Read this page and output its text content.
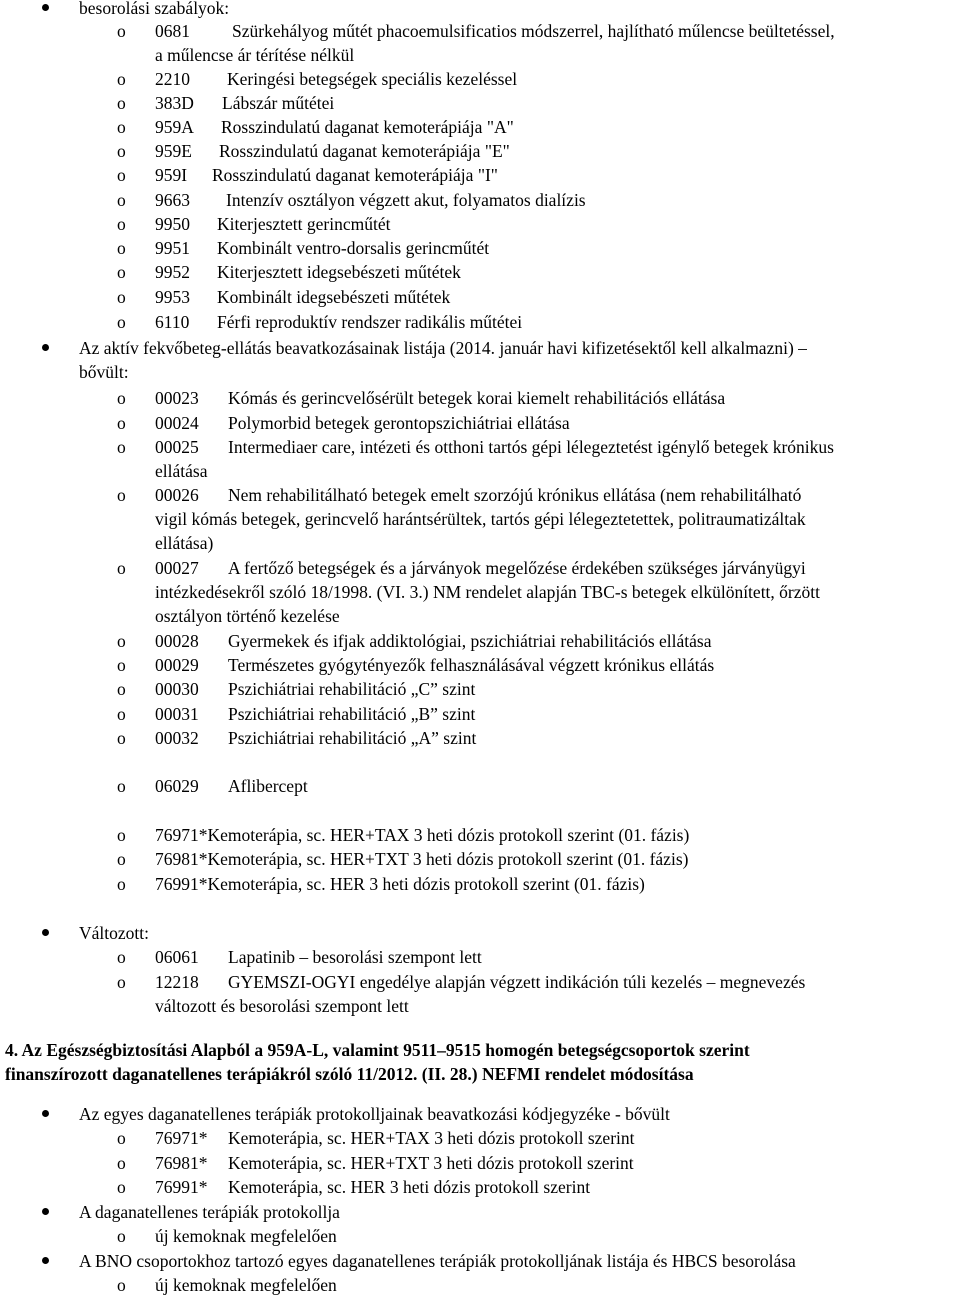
besorolási szabályok:
o 0681 Szürkehályog műtét phacoemulsificatios módszerrel, hajlítható műlencse beültetéssel,
a műlencse ár térítése nélkül
o 2210 Keringési betegségek speciális kezeléssel
o 383D Lábszár műtétei
o 959A Rosszindulatú daganat kemoterápiája "A"
o 959E Rosszindulatú daganat kemoterápiája "E"
o 959I Rosszindulatú daganat kemoterápiája "I"
o 9663 Intenzív osztályon végzett akut, folyamatos dialízis
o 9950 Kiterjesztett gerincműtét
o 9951 Kombinált ventro-dorsalis gerincműtét
o 9952 Kiterjesztett idegsebészeti műtétek
o 9953 Kombinált idegsebészeti műtétek
o 6110 Férfi reproduktív rendszer radikális műtétei
Az aktív fekvőbeteg-ellátás beavatkozásainak listája (2014. január havi kifizetésektől kell alkalmazni) –
bővült:
o 00023 Kómás és gerincvelősérült betegek korai kiemelt rehabilitációs ellátása
o 00024 Polymorbid betegek gerontopszichiátriai ellátása
o 00025 Intermediaer care, intézeti és otthoni tartós gépi lélegeztetést igénylő betegek krónikus
ellátása
o 00026 Nem rehabilitálható betegek emelt szorzójú krónikus ellátása (nem rehabilitálható
vigil kómás betegek, gerincvelő harántsérültek, tartós gépi lélegeztetettek, politraumatizáltak
ellátása)
o 00027 A fertőző betegségek és a járványok megelőzése érdekében szükséges járványügyi
intézkedésekről szóló 18/1998. (VI. 3.) NM rendelet alapján TBC-s betegek elkülönített, őrzött
osztályon történő kezelése
o 00028 Gyermekek és ifjak addiktológiai, pszichiátriai rehabilitációs ellátása
o 00029 Természetes gyógytényezők felhasználásával végzett krónikus ellátás
o 00030 Pszichiátriai rehabilitáció „C” szint
o 00031 Pszichiátriai rehabilitáció „B” szint
o 00032 Pszichiátriai rehabilitáció „A” szint
o 06029 Aflibercept
o 76971*Kemoterápia, sc. HER+TAX 3 heti dózis protokoll szerint (01. fázis)
o 76981*Kemoterápia, sc. HER+TXT 3 heti dózis protokoll szerint (01. fázis)
o 76991*Kemoterápia, sc. HER 3 heti dózis protokoll szerint (01. fázis)
Változott:
o 06061 Lapatinib – besorolási szempont lett
o 12218 GYEMSZI-OGYI engedélye alapján végzett indikáción túli kezelés – megnevezés
változott és besorolási szempont lett
4. Az Egészségbiztosítási Alapból a 959A-L, valamint 9511–9515 homogén betegségcsoportok szerint
finanszírozott daganatellenes terápiákról szóló 11/2012. (II. 28.) NEFMI rendelet módosítása
Az egyes daganatellenes terápiák protokolljainak beavatkozási kódjegyzéke - bővült
o 76971* Kemoterápia, sc. HER+TAX 3 heti dózis protokoll szerint
o 76981* Kemoterápia, sc. HER+TXT 3 heti dózis protokoll szerint
o 76991* Kemoterápia, sc. HER 3 heti dózis protokoll szerint
A daganatellenes terápiák protokollja
o új kemoknak megfelelően
A BNO csoportokhoz tartozó egyes daganatellenes terápiák protokolljának listája és HBCS besorolása
o új kemoknak megfelelően
